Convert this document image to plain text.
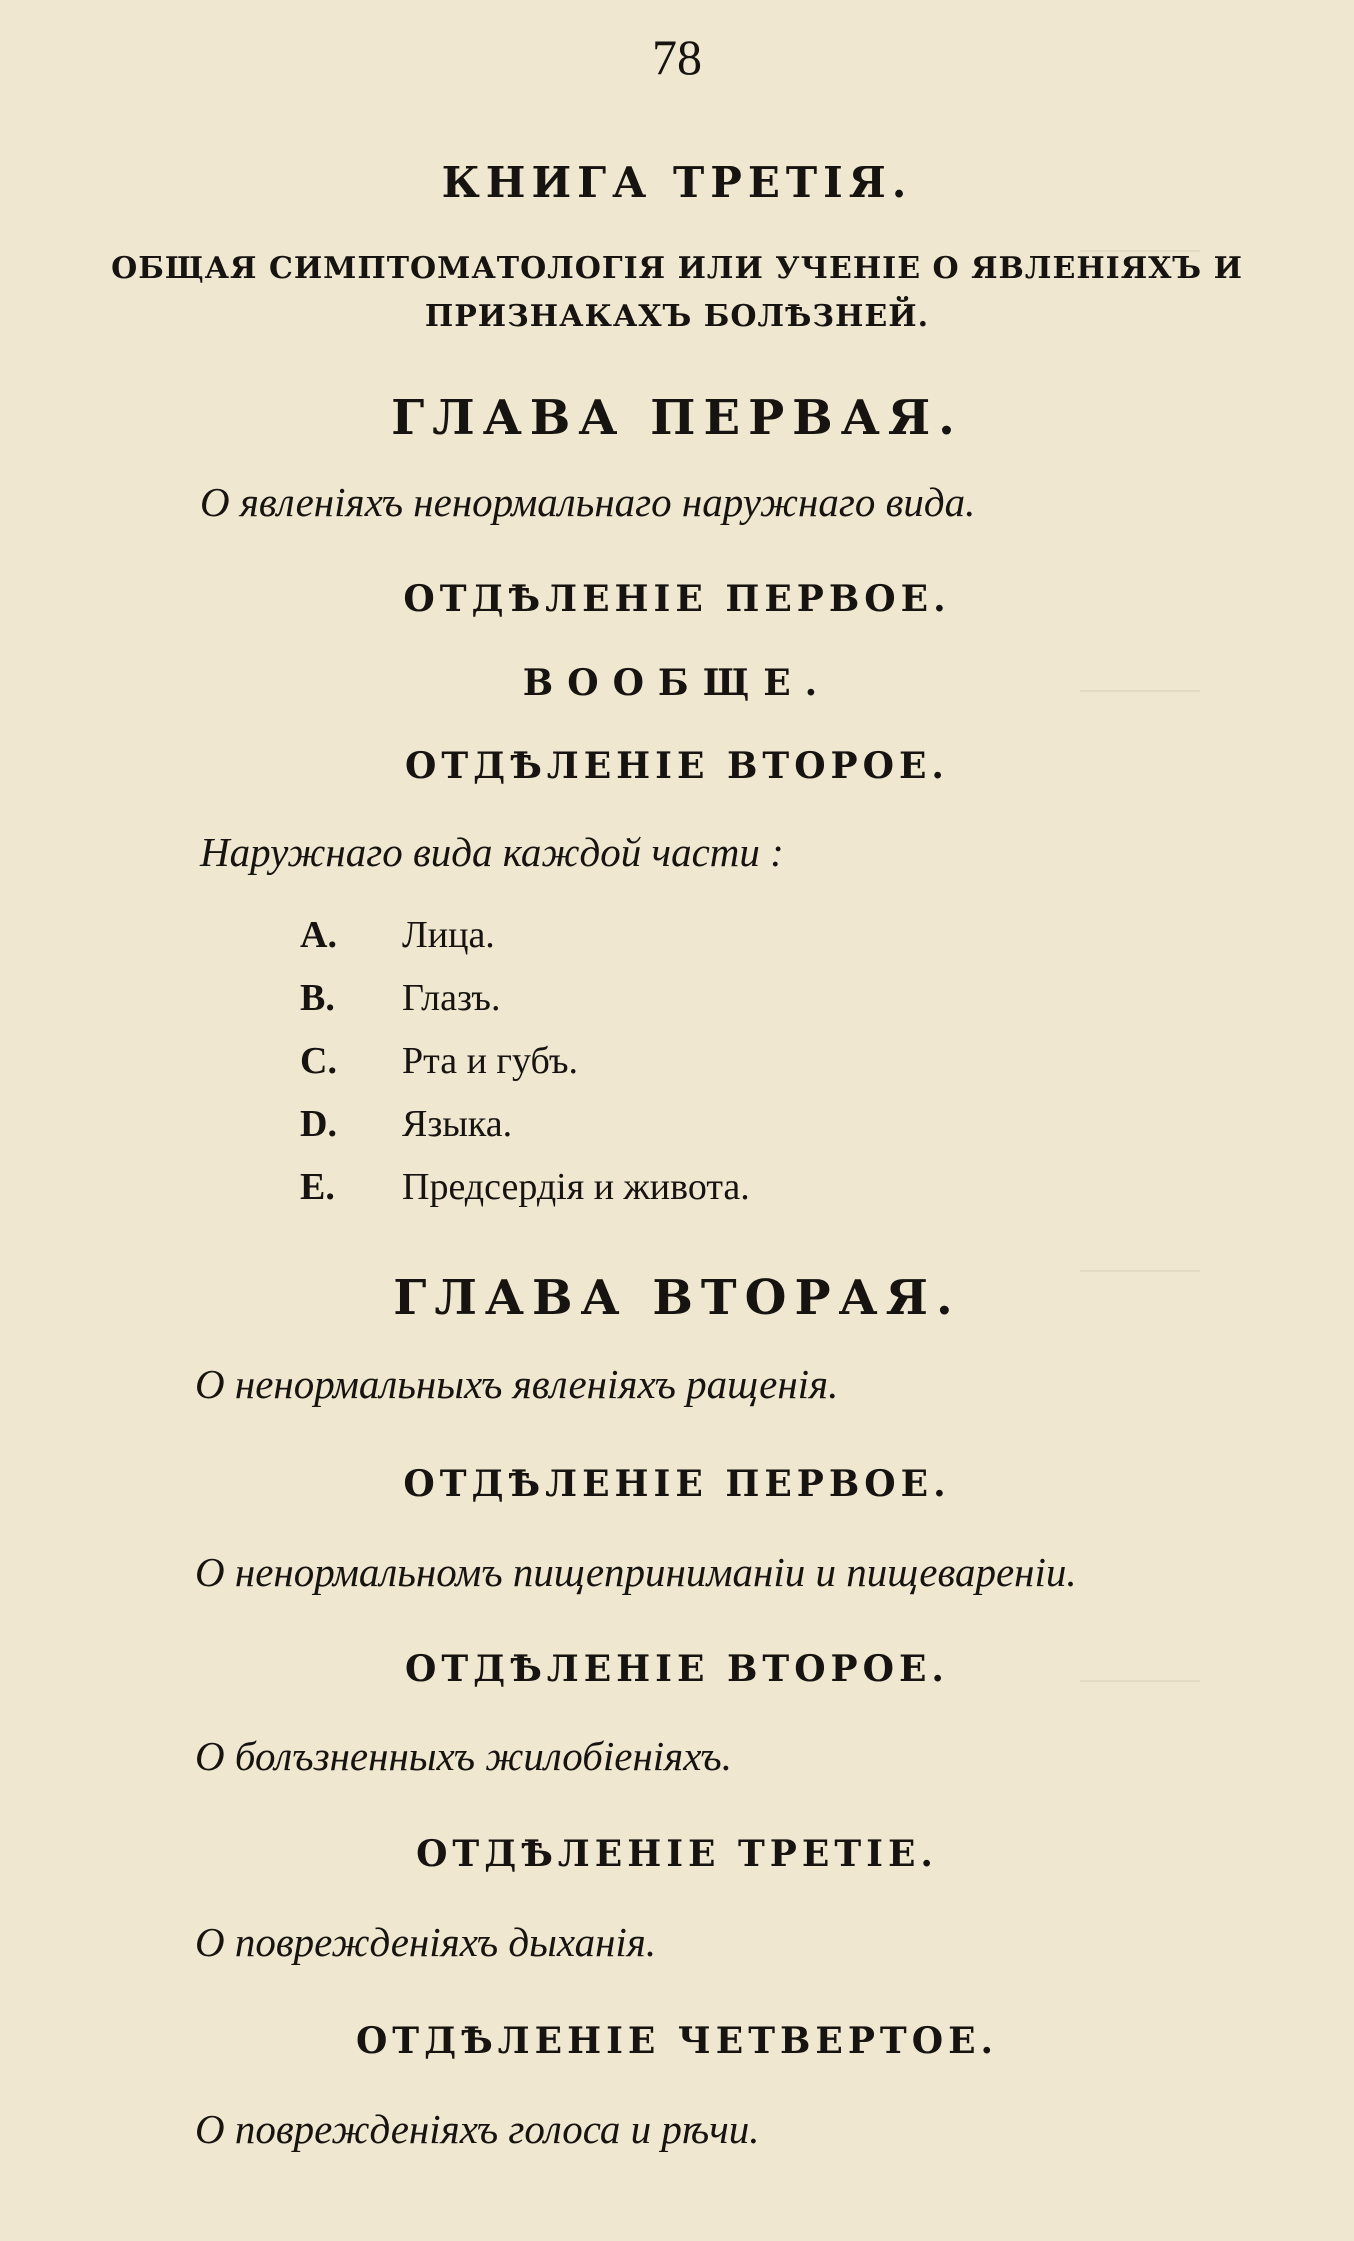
78
КНИГА ТРЕТІЯ.
ОБЩАЯ СИМПТОМАТОЛОГІЯ ИЛИ УЧЕНІЕ О ЯВЛЕНІЯХЪ И ПРИЗНАКАХЪ БОЛѢЗНЕЙ.
ГЛАВА ПЕРВАЯ.
О явленіяхъ ненормальнаго наружнаго вида.
ОТДѢЛЕНІЕ ПЕРВОЕ.
ВООБЩЕ.
ОТДѢЛЕНІЕ ВТОРОЕ.
Наружнаго вида каждой части :
A. Лица.
B. Глазъ.
C. Рта и губъ.
D. Языка.
E. Предсердія и живота.
ГЛАВА ВТОРАЯ.
О ненормальныхъ явленіяхъ ращенія.
ОТДѢЛЕНІЕ ПЕРВОЕ.
О ненормальномъ пищепринимaніи и пищевареніи.
ОТДѢЛЕНІЕ ВТОРОЕ.
О болъзненныхъ жилобіеніяхъ.
ОТДѢЛЕНІЕ ТРЕТІЕ.
О поврежденіяхъ дыханія.
ОТДѢЛЕНІЕ ЧЕТВЕРТОЕ.
О поврежденіяхъ голоса и рѣчи.
